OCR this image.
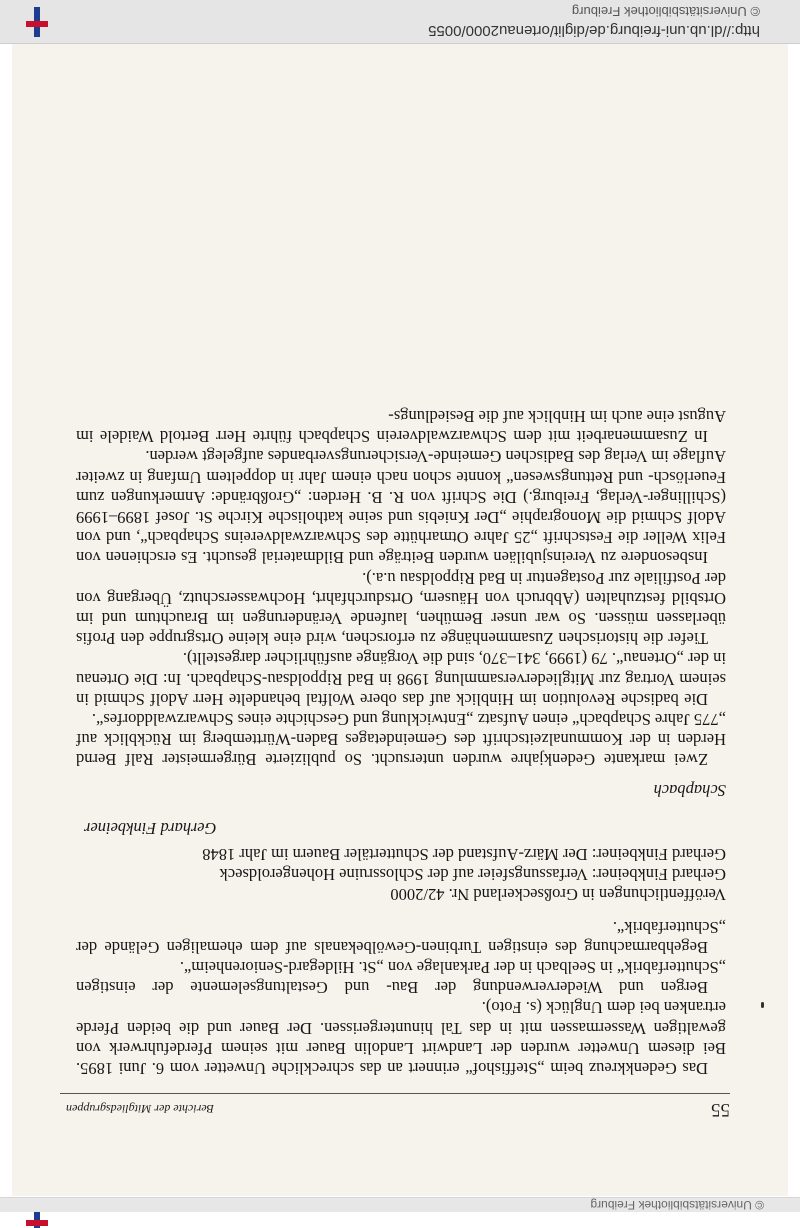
© Universitätsbibliothek Freiburg
55
Berichte der Mitgliedsgruppen

Das Gedenkkreuz beim „Steffishof“ erinnert an das schreckliche Unwetter vom 6. Juni 1895. Bei diesem Unwetter wurden der Landwirt Landolin Bauer mit seinem Pferdefuhrwerk von gewaltigen Wassermassen mit in das Tal hinuntergerissen. Der Bauer und die beiden Pferde ertranken bei dem Unglück (s. Foto).

Bergen und Wiederverwendung der Bau- und Gestaltungselemente der einstigen „Schutterfabrik“ in Seelbach in der Parkanlage von „St. Hildegard-Seniorenheim“.

Begehbarmachung des einstigen Turbinen-Gewölbekanals auf dem ehemaligen Gelände der „Schutterfabrik“.

Veröffentlichungen in Großseckerland Nr. 42/2000

Gerhard Finkbeiner: Verfassungsfeier auf der Schlossruine Hohengeroldseck

Gerhard Finkbeiner: Der März-Aufstand der Schuttertäler Bauern im Jahr 1848

Gerhard Finkbeiner

Schapbach

Zwei markante Gedenkjahre wurden untersucht. So publizierte Bürgermeister Ralf Bernd Herden in der Kommunalzeitschrift des Gemeindetages Baden-Württemberg im Rückblick auf „775 Jahre Schapbach“ einen Aufsatz „Entwicklung und Geschichte eines Schwarzwalddorfes“.

Die badische Revolution im Hinblick auf das obere Wolftal behandelte Herr Adolf Schmid in seinem Vortrag zur Mitgliederversammlung 1998 in Bad Rippoldsau-Schapbach. In: Die Ortenau in der „Ortenau“. 79 (1999, 341–370, sind die Vorgänge ausführlicher dargestellt).

Tiefer die historischen Zusammenhänge zu erforschen, wird eine kleine Ortsgruppe den Profis überlassen müssen. So war unser Bemühen, laufende Veränderungen im Brauchtum und im Ortsbild festzuhalten (Abbruch von Häusern, Ortsdurchfahrt, Hochwasserschutz, Übergang von der Postfiliale zur Postagentur in Bad Rippoldsau u.a.).

Insbesondere zu Vereinsjubiläen wurden Beiträge und Bildmaterial gesucht. Es erschienen von Felix Weller die Festschrift „25 Jahre Otmarhütte des Schwarzwaldvereins Schapbach“, und von Adolf Schmid die Monographie „Der Kniebis und seine katholische Kirche St. Josef 1899–1999 (Schillinger-Verlag, Freiburg.) Die Schrift von R. B. Herden: „Großbrände: Anmerkungen zum Feuerlösch- und Rettungswesen“ konnte schon nach einem Jahr in doppeltem Umfang in zweiter Auflage im Verlag des Badischen Gemeinde-Versicherungsverbandes aufgelegt werden.

In Zusammenarbeit mit dem Schwarzwaldverein Schapbach führte Herr Bertold Waidele im August eine auch im Hinblick auf die Besiedlungs-

http://dl.ub.uni-freiburg.de/diglit/ortenau2000/0055
© Universitätsbibliothek Freiburg
